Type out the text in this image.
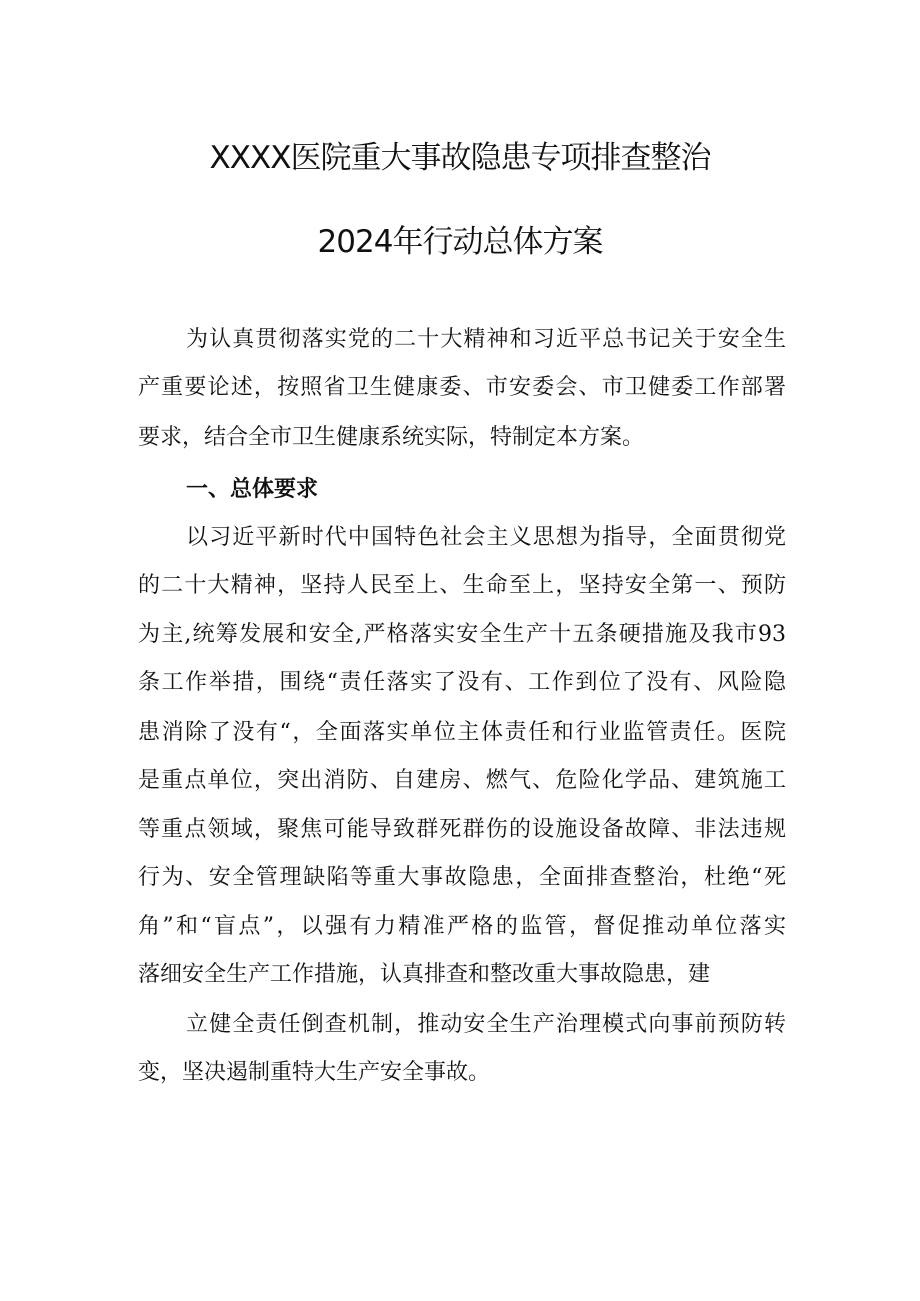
XXXX医院重大事故隐患专项排查整治
2024年行动总体方案
为认真贯彻落实党的二十大精神和习近平总书记关于安全生
产重要论述，按照省卫生健康委、市安委会、市卫健委工作部署
要求，结合全市卫生健康系统实际，特制定本方案。
一、总体要求
以习近平新时代中国特色社会主义思想为指导，全面贯彻党
的二十大精神，坚持人民至上、生命至上，坚持安全第一、预防
为主,统筹发展和安全,严格落实安全生产十五条硬措施及我市93
条工作举措，围绕“责任落实了没有、工作到位了没有、风险隐
患消除了没有“，全面落实单位主体责任和行业监管责任。医院
是重点单位，突出消防、自建房、燃气、危险化学品、建筑施工
等重点领域，聚焦可能导致群死群伤的设施设备故障、非法违规
行为、安全管理缺陷等重大事故隐患，全面排查整治，杜绝“死
角”和“盲点”，以强有力精准严格的监管，督促推动单位落实
落细安全生产工作措施，认真排查和整改重大事故隐患，建
立健全责任倒查机制，推动安全生产治理模式向事前预防转
变，坚决遏制重特大生产安全事故。
